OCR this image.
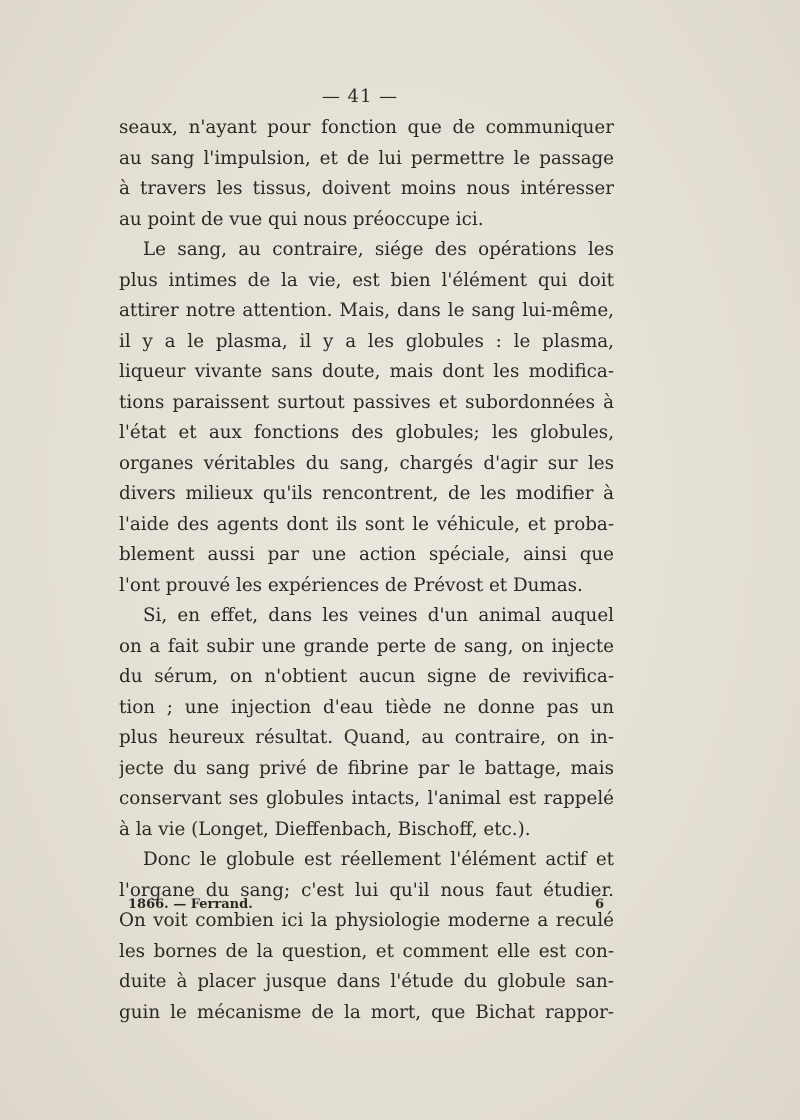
— 41 —
seaux, n'ayant pour fonction que de communiquer
au sang l'impulsion, et de lui permettre le passage
à travers les tissus, doivent moins nous intéresser
au point de vue qui nous préoccupe ici.
Le sang, au contraire, siége des opérations les
plus intimes de la vie, est bien l'élément qui doit
attirer notre attention. Mais, dans le sang lui-même,
il y a le plasma, il y a les globules : le plasma,
liqueur vivante sans doute, mais dont les modifica-
tions paraissent surtout passives et subordonnées à
l'état et aux fonctions des globules; les globules,
organes véritables du sang, chargés d'agir sur les
divers milieux qu'ils rencontrent, de les modifier à
l'aide des agents dont ils sont le véhicule, et proba-
blement aussi par une action spéciale, ainsi que
l'ont prouvé les expériences de Prévost et Dumas.
Si, en effet, dans les veines d'un animal auquel
on a fait subir une grande perte de sang, on injecte
du sérum, on n'obtient aucun signe de revivifica-
tion ; une injection d'eau tiède ne donne pas un
plus heureux résultat. Quand, au contraire, on in-
jecte du sang privé de fibrine par le battage, mais
conservant ses globules intacts, l'animal est rappelé
à la vie (Longet, Dieffenbach, Bischoff, etc.).
Donc le globule est réellement l'élément actif et
l'organe du sang; c'est lui qu'il nous faut étudier.
On voit combien ici la physiologie moderne a reculé
les bornes de la question, et comment elle est con-
duite à placer jusque dans l'étude du globule san-
guin le mécanisme de la mort, que Bichat rappor-
1866. — Ferrand.	6
